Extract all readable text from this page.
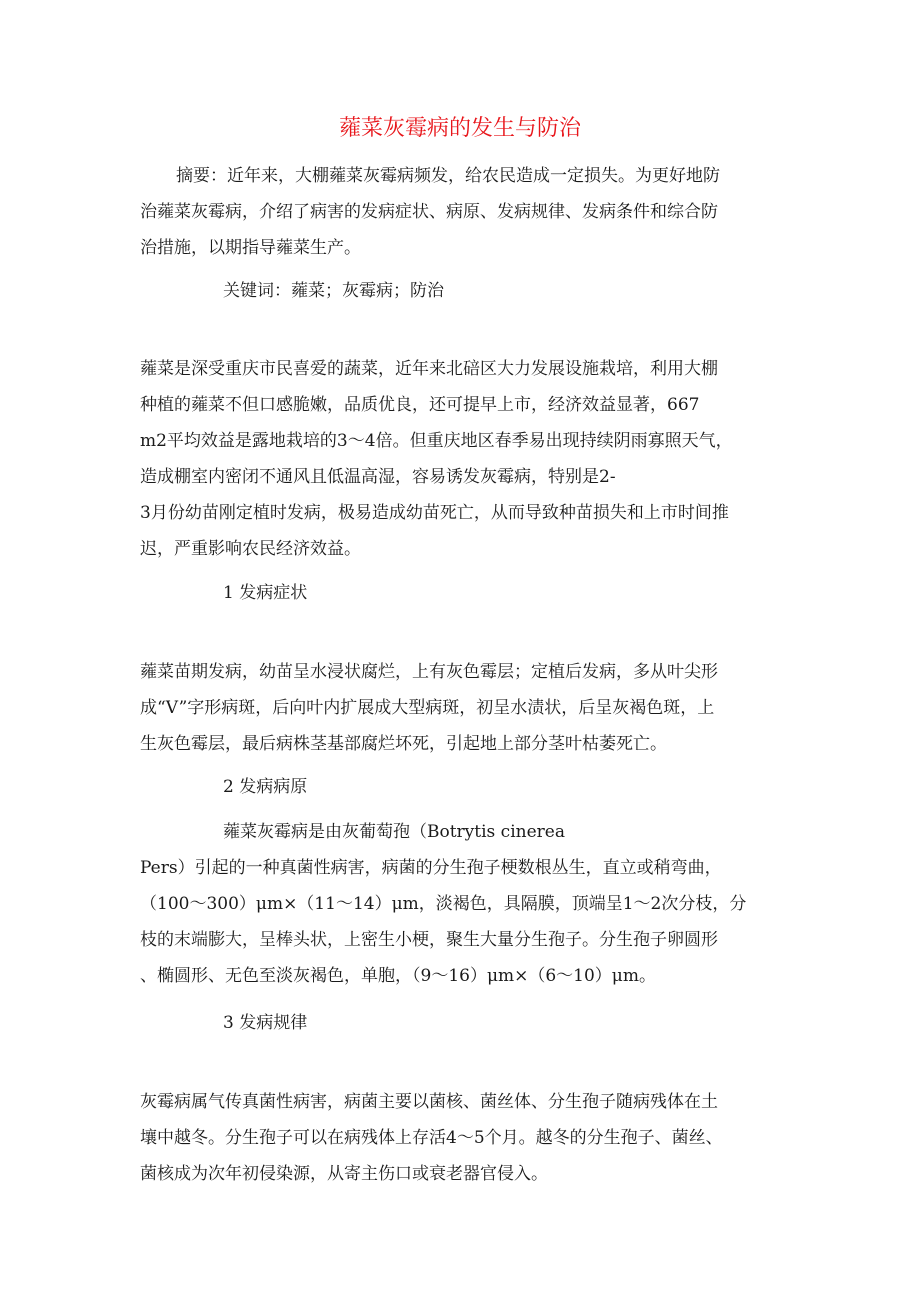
蕹菜灰霉病的发生与防治
摘要：近年来，大棚蕹菜灰霉病频发，给农民造成一定损失。为更好地防
治蕹菜灰霉病，介绍了病害的发病症状、病原、发病规律、发病条件和综合防
治措施，以期指导蕹菜生产。
关键词：蕹菜；灰霉病；防治
蕹菜是深受重庆市民喜爱的蔬菜，近年来北碚区大力发展设施栽培，利用大棚
种植的蕹菜不但口感脆嫩，品质优良，还可提早上市，经济效益显著，667
m2平均效益是露地栽培的3～4倍。但重庆地区春季易出现持续阴雨寡照天气，
造成棚室内密闭不通风且低温高湿，容易诱发灰霉病，特别是2-
3月份幼苗刚定植时发病，极易造成幼苗死亡，从而导致种苗损失和上市时间推
迟，严重影响农民经济效益。
1 发病症状
蕹菜苗期发病，幼苗呈水浸状腐烂，上有灰色霉层；定植后发病，多从叶尖形
成“V”字形病斑，后向叶内扩展成大型病斑，初呈水渍状，后呈灰褐色斑，上
生灰色霉层，最后病株茎基部腐烂坏死，引起地上部分茎叶枯萎死亡。
2 发病病原
蕹菜灰霉病是由灰葡萄孢（Botrytis cinerea
Pers）引起的一种真菌性病害，病菌的分生孢子梗数根丛生，直立或稍弯曲，
（100～300）μm×（11～14）μm，淡褐色，具隔膜，顶端呈1～2次分枝，分
枝的末端膨大，呈棒头状，上密生小梗，聚生大量分生孢子。分生孢子卵圆形
、椭圆形、无色至淡灰褐色，单胞，（9～16）μm×（6～10）μm。
3 发病规律
灰霉病属气传真菌性病害，病菌主要以菌核、菌丝体、分生孢子随病残体在土
壤中越冬。分生孢子可以在病残体上存活4～5个月。越冬的分生孢子、菌丝、
菌核成为次年初侵染源，从寄主伤口或衰老器官侵入。
